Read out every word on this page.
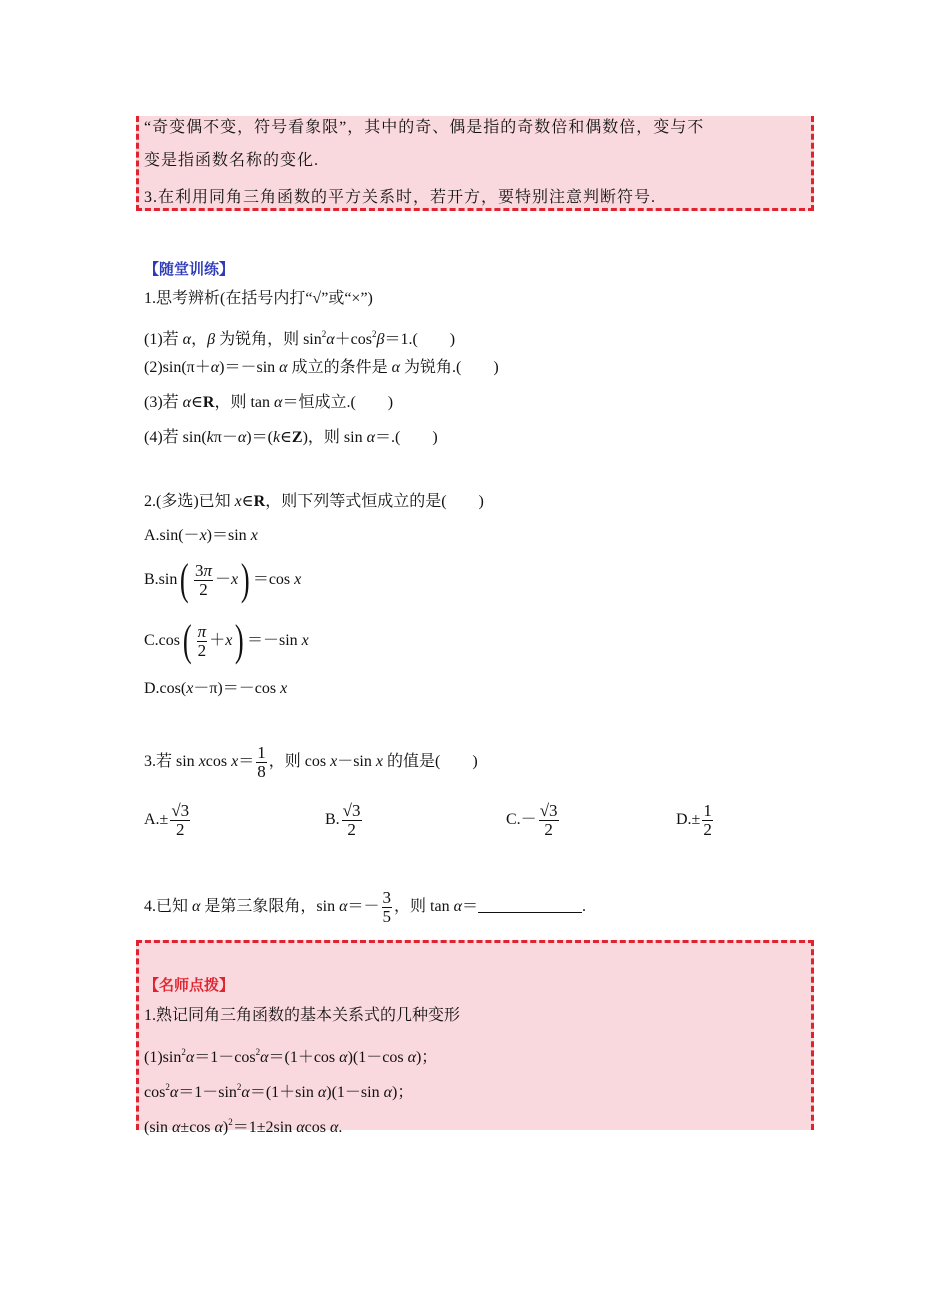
“奇变偶不变，符号看象限”，其中的奇、偶是指的奇数倍和偶数倍，变与不
变是指函数名称的变化.
3.在利用同角三角函数的平方关系时，若开方，要特别注意判断符号.
【随堂训练】
1.思考辨析(在括号内打“√”或“×”)
(1)若 α，β 为锐角，则 $\sin^2\alpha+\cos^2\beta=1$.(　　)
(2)sin(π＋α)＝－sin α 成立的条件是 α 为锐角.(　　)
(3)若 α∈R，则 tan α＝恒成立.(　　)
(4)若 sin(kπ－α)＝(k∈Z)，则 sin α＝.(　　)
2.(多选)已知 x∈R，则下列等式恒成立的是(　　)
A.sin(－x)＝sin x
$B.\sin( \frac{3\pi}{2} -x) =\cos$ x
$C.\cos( \frac{\pi}{2} +x) =-\sin$ x
D.cos(x－π)＝－cos x
3.若 sin xcos $x= \frac{1}{8}$ ，则 cos x－sin x 的值是(　　)
$A.\pm \frac{√3}{2}$	B. $\frac{√3}{2}$	$C.- \frac{√3}{2}$	$D.\pm \frac{1}{2}$
4.已知 α 是第三象限角，$\sin \alpha=- \frac{3}{5}$ ，则 tan α＝	.
【名师点拨】
1.熟记同角三角函数的基本关系式的几种变形
$(1)\sin^2\alpha=1-\cos^2\alpha=(1+\cos$ α)(1－cos α)；
$\cos^2\alpha=1-\sin^2\alpha=(1+\sin$ α)(1－sin α)；
(sin α±cos α)$^2$＝1±2sin αcos α.
